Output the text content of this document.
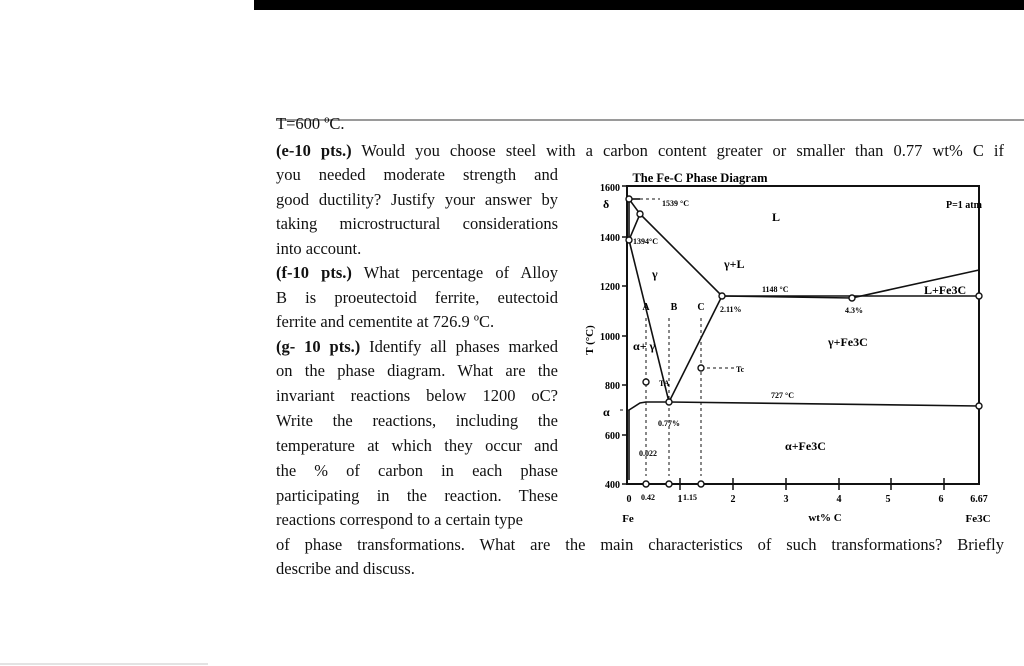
T=600 ºC.
(e-10 pts.) Would you choose steel with a carbon content greater or smaller than 0.77 wt% C if
you needed moderate strength and
good ductility? Justify your answer by
taking microstructural considerations
into account.
(f-10 pts.) What percentage of Alloy
B is proeutectoid ferrite, eutectoid
ferrite and cementite at 726.9 ºC.
(g- 10 pts.) Identify all phases marked
on the phase diagram. What are the
invariant reactions below 1200 oC?
Write the reactions, including the
temperature at which they occur and
the % of carbon in each phase
participating in the reaction. These
reactions correspond to a certain type
of phase transformations. What are the main characteristics of such transformations? Briefly
describe and discuss.
The Fe-C Phase Diagram
1600
1400
1200
1000
800
600
400
T (°C)
0 0.42 1 1.15	2	3	4	5	6	6.67
Fe	wt% C	Fe3C
1539 °C
1394°C
1148 °C
727 °C
2.11%	4.3%
0.77%
0.022
TA
Tc
P=1 atm
A B C
δ
L
γ
γ+L
L+Fe3C
γ+Fe3C
α+ γ
α
α+Fe3C
